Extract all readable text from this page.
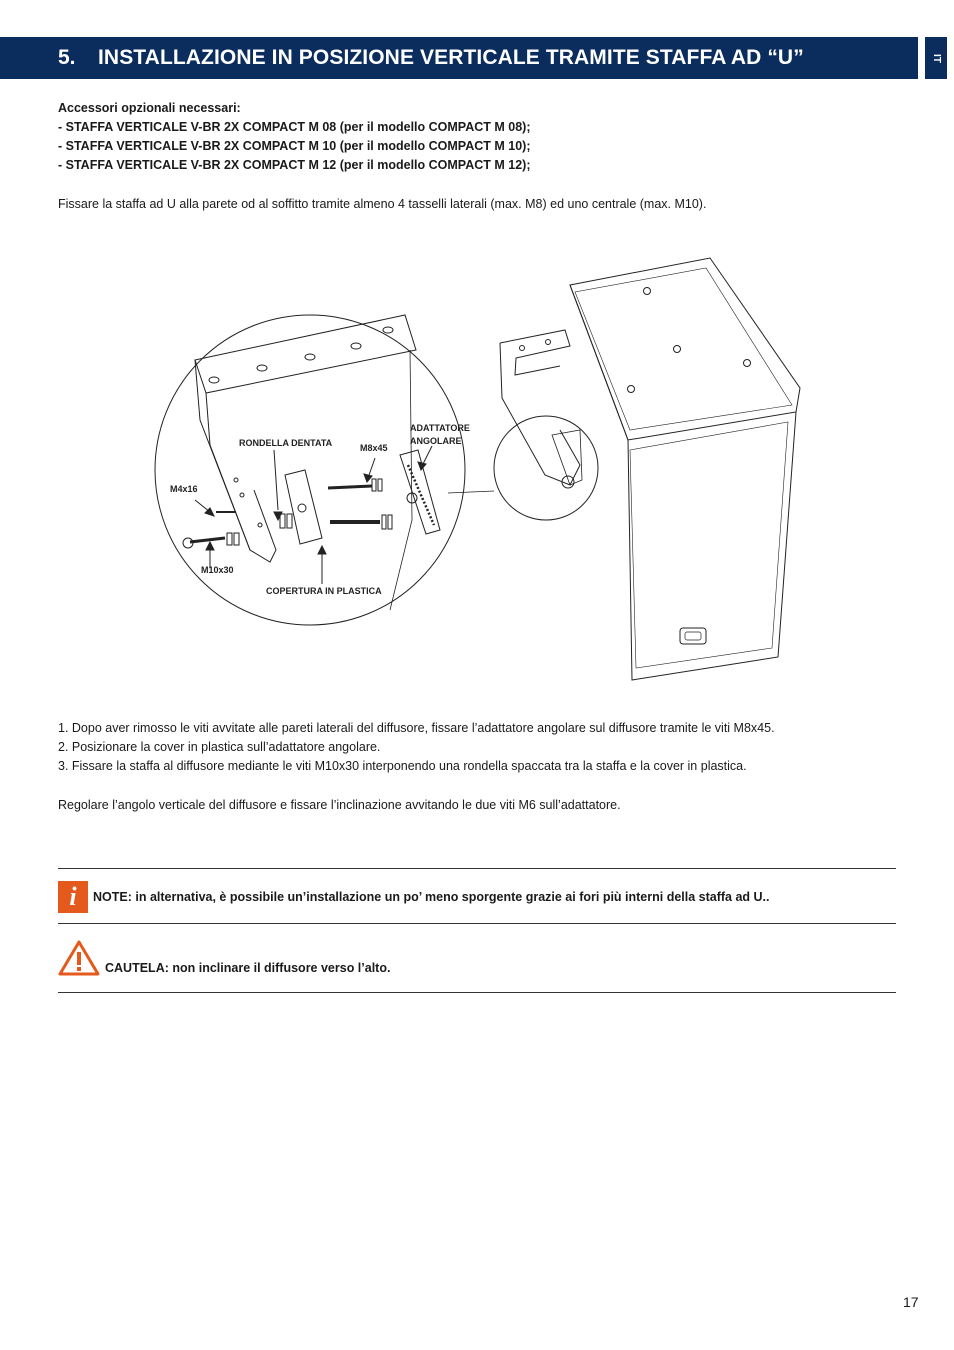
5.	INSTALLAZIONE IN POSIZIONE VERTICALE TRAMITE STAFFA AD “U”	IT
Accessori opzionali necessari:
- STAFFA VERTICALE V-BR 2X COMPACT M 08 (per il modello COMPACT M 08);
- STAFFA VERTICALE V-BR 2X COMPACT M 10 (per il modello COMPACT M 10);
- STAFFA VERTICALE V-BR 2X COMPACT M 12 (per il modello COMPACT M 12);
Fissare la staffa ad U alla parete od al soffitto tramite almeno 4 tasselli laterali (max. M8) ed uno centrale (max. M10).
RONDELLA DENTATA	M8x45
ADATTATORE
ANGOLARE
M4x16
M10x30
COPERTURA IN PLASTICA
1. Dopo aver rimosso le viti avvitate alle pareti laterali del diffusore, fissare l’adattatore angolare sul diffusore tramite le viti M8x45.
2. Posizionare la cover in plastica sull’adattatore angolare.
3. Fissare la staffa al diffusore mediante le viti M10x30 interponendo una rondella spaccata tra la staffa e la cover in plastica.
Regolare l’angolo verticale del diffusore e fissare l’inclinazione avvitando le due viti M6 sull’adattatore.
i	NOTE: in alternativa, è possibile un’installazione un po’ meno sporgente grazie ai fori più interni della staffa ad U..
CAUTELA: non inclinare il diffusore verso l’alto.
17
